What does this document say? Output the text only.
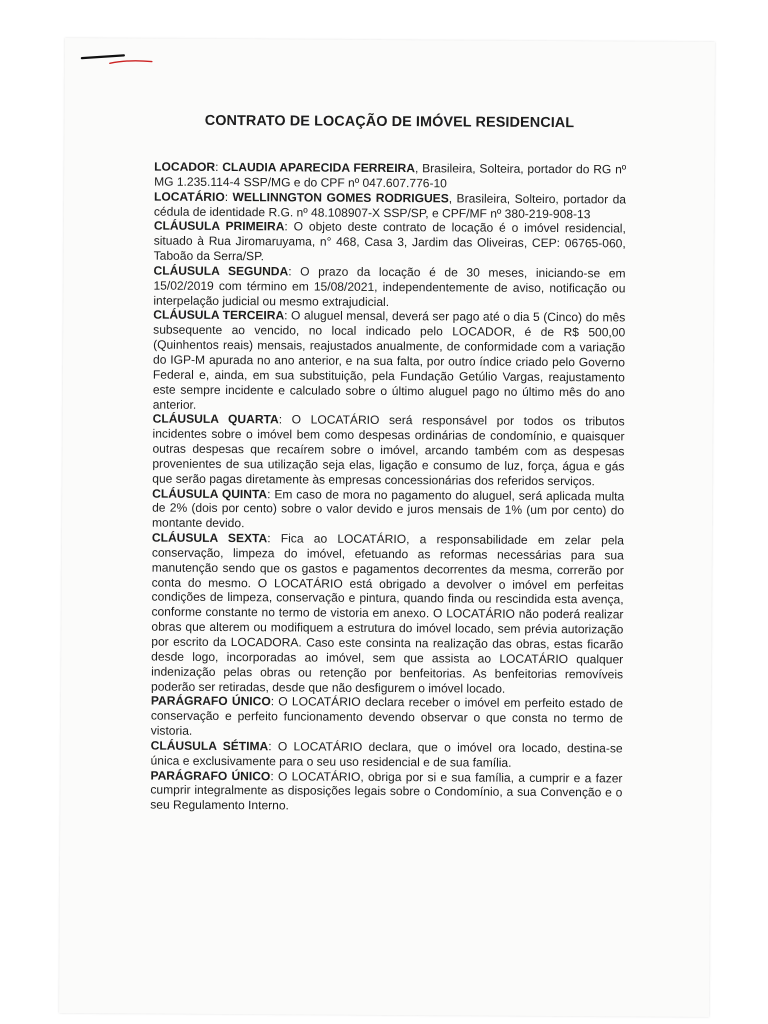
CONTRATO DE LOCAÇÃO DE IMÓVEL RESIDENCIAL

LOCADOR: CLAUDIA APARECIDA FERREIRA, Brasileira, Solteira, portador do RG nº MG 1.235.114-4 SSP/MG e do CPF nº 047.607.776-10

LOCATÁRIO: WELLINNGTON GOMES RODRIGUES, Brasileira, Solteiro, portador da cédula de identidade R.G. nº 48.108907-X SSP/SP, e CPF/MF nº 380-219-908-13

CLÁUSULA PRIMEIRA: O objeto deste contrato de locação é o imóvel residencial, situado à Rua Jiromaruyama, n° 468, Casa 3, Jardim das Oliveiras, CEP: 06765-060, Taboão da Serra/SP.

CLÁUSULA SEGUNDA: O prazo da locação é de 30 meses, iniciando-se em 15/02/2019 com término em 15/08/2021, independentemente de aviso, notificação ou interpelação judicial ou mesmo extrajudicial.

CLÁUSULA TERCEIRA: O aluguel mensal, deverá ser pago até o dia 5 (Cinco) do mês subsequente ao vencido, no local indicado pelo LOCADOR, é de R$ 500,00 (Quinhentos reais) mensais, reajustados anualmente, de conformidade com a variação do IGP-M apurada no ano anterior, e na sua falta, por outro índice criado pelo Governo Federal e, ainda, em sua substituição, pela Fundação Getúlio Vargas, reajustamento este sempre incidente e calculado sobre o último aluguel pago no último mês do ano anterior.

CLÁUSULA QUARTA: O LOCATÁRIO será responsável por todos os tributos incidentes sobre o imóvel bem como despesas ordinárias de condomínio, e quaisquer outras despesas que recaírem sobre o imóvel, arcando também com as despesas provenientes de sua utilização seja elas, ligação e consumo de luz, força, água e gás que serão pagas diretamente às empresas concessionárias dos referidos serviços.

CLÁUSULA QUINTA: Em caso de mora no pagamento do aluguel, será aplicada multa de 2% (dois por cento) sobre o valor devido e juros mensais de 1% (um por cento) do montante devido.

CLÁUSULA SEXTA: Fica ao LOCATÁRIO, a responsabilidade em zelar pela conservação, limpeza do imóvel, efetuando as reformas necessárias para sua manutenção sendo que os gastos e pagamentos decorrentes da mesma, correrão por conta do mesmo. O LOCATÁRIO está obrigado a devolver o imóvel em perfeitas condições de limpeza, conservação e pintura, quando finda ou rescindida esta avença, conforme constante no termo de vistoria em anexo. O LOCATÁRIO não poderá realizar obras que alterem ou modifiquem a estrutura do imóvel locado, sem prévia autorização por escrito da LOCADORA. Caso este consinta na realização das obras, estas ficarão desde logo, incorporadas ao imóvel, sem que assista ao LOCATÁRIO qualquer indenização pelas obras ou retenção por benfeitorias. As benfeitorias removíveis poderão ser retiradas, desde que não desfigurem o imóvel locado.

PARÁGRAFO ÚNICO: O LOCATÁRIO declara receber o imóvel em perfeito estado de conservação e perfeito funcionamento devendo observar o que consta no termo de vistoria.

CLÁUSULA SÉTIMA: O LOCATÁRIO declara, que o imóvel ora locado, destina-se única e exclusivamente para o seu uso residencial e de sua família.

PARÁGRAFO ÚNICO: O LOCATÁRIO, obriga por si e sua família, a cumprir e a fazer cumprir integralmente as disposições legais sobre o Condomínio, a sua Convenção e o seu Regulamento Interno.
